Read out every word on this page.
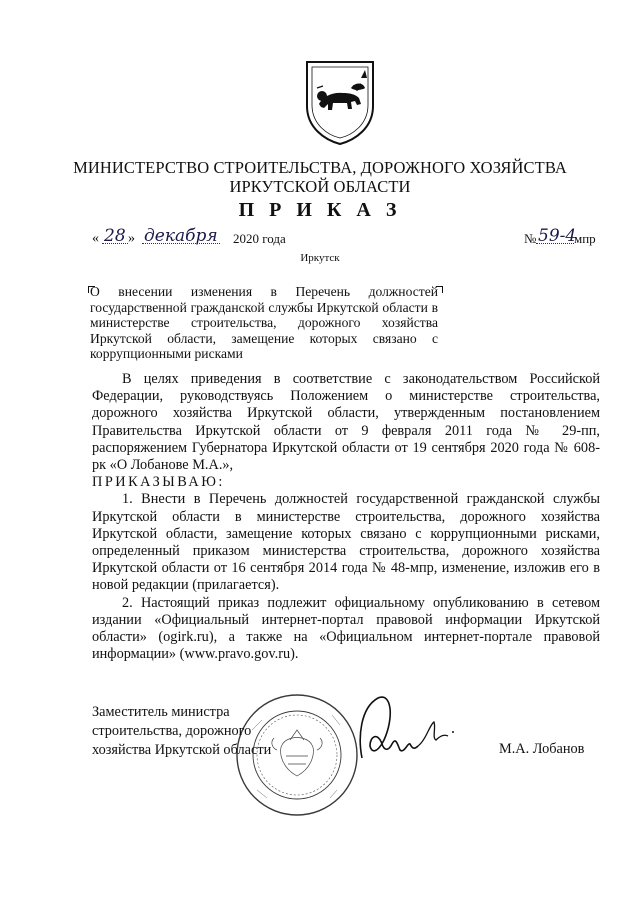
МИНИСТЕРСТВО СТРОИТЕЛЬСТВА, ДОРОЖНОГО ХОЗЯЙСТВА
ИРКУТСКОЙ ОБЛАСТИ
П Р И К А З
« 28 » декабря 2020 года	№ 59-4
мпр
Иркутск
О внесении изменения в Перечень должностей государственной гражданской службы Иркутской области в министерстве строительства, дорожного хозяйства Иркутской области, замещение которых связано с коррупционными рисками

В целях приведения в соответствие с законодательством Российской Федерации, руководствуясь Положением о министерстве строительства, дорожного хозяйства Иркутской области, утвержденным постановлением Правительства Иркутской области от 9 февраля 2011 года № 29-пп, распоряжением Губернатора Иркутской области от 19 сентября 2020 года № 608-рк «О Лобанове М.А.»,

ПРИКАЗЫВАЮ:

1. Внести в Перечень должностей государственной гражданской службы Иркутской области в министерстве строительства, дорожного хозяйства Иркутской области, замещение которых связано с коррупционными рисками, определенный приказом министерства строительства, дорожного хозяйства Иркутской области от 16 сентября 2014 года № 48-мпр, изменение, изложив его в новой редакции (прилагается).

2. Настоящий приказ подлежит официальному опубликованию в сетевом издании «Официальный интернет-портал правовой информации Иркутской области» (ogirk.ru), а также на «Официальном интернет-портале правовой информации» (www.pravo.gov.ru).

Заместитель министра
строительства, дорожного
хозяйства Иркутской области	М.А. Лобанов
